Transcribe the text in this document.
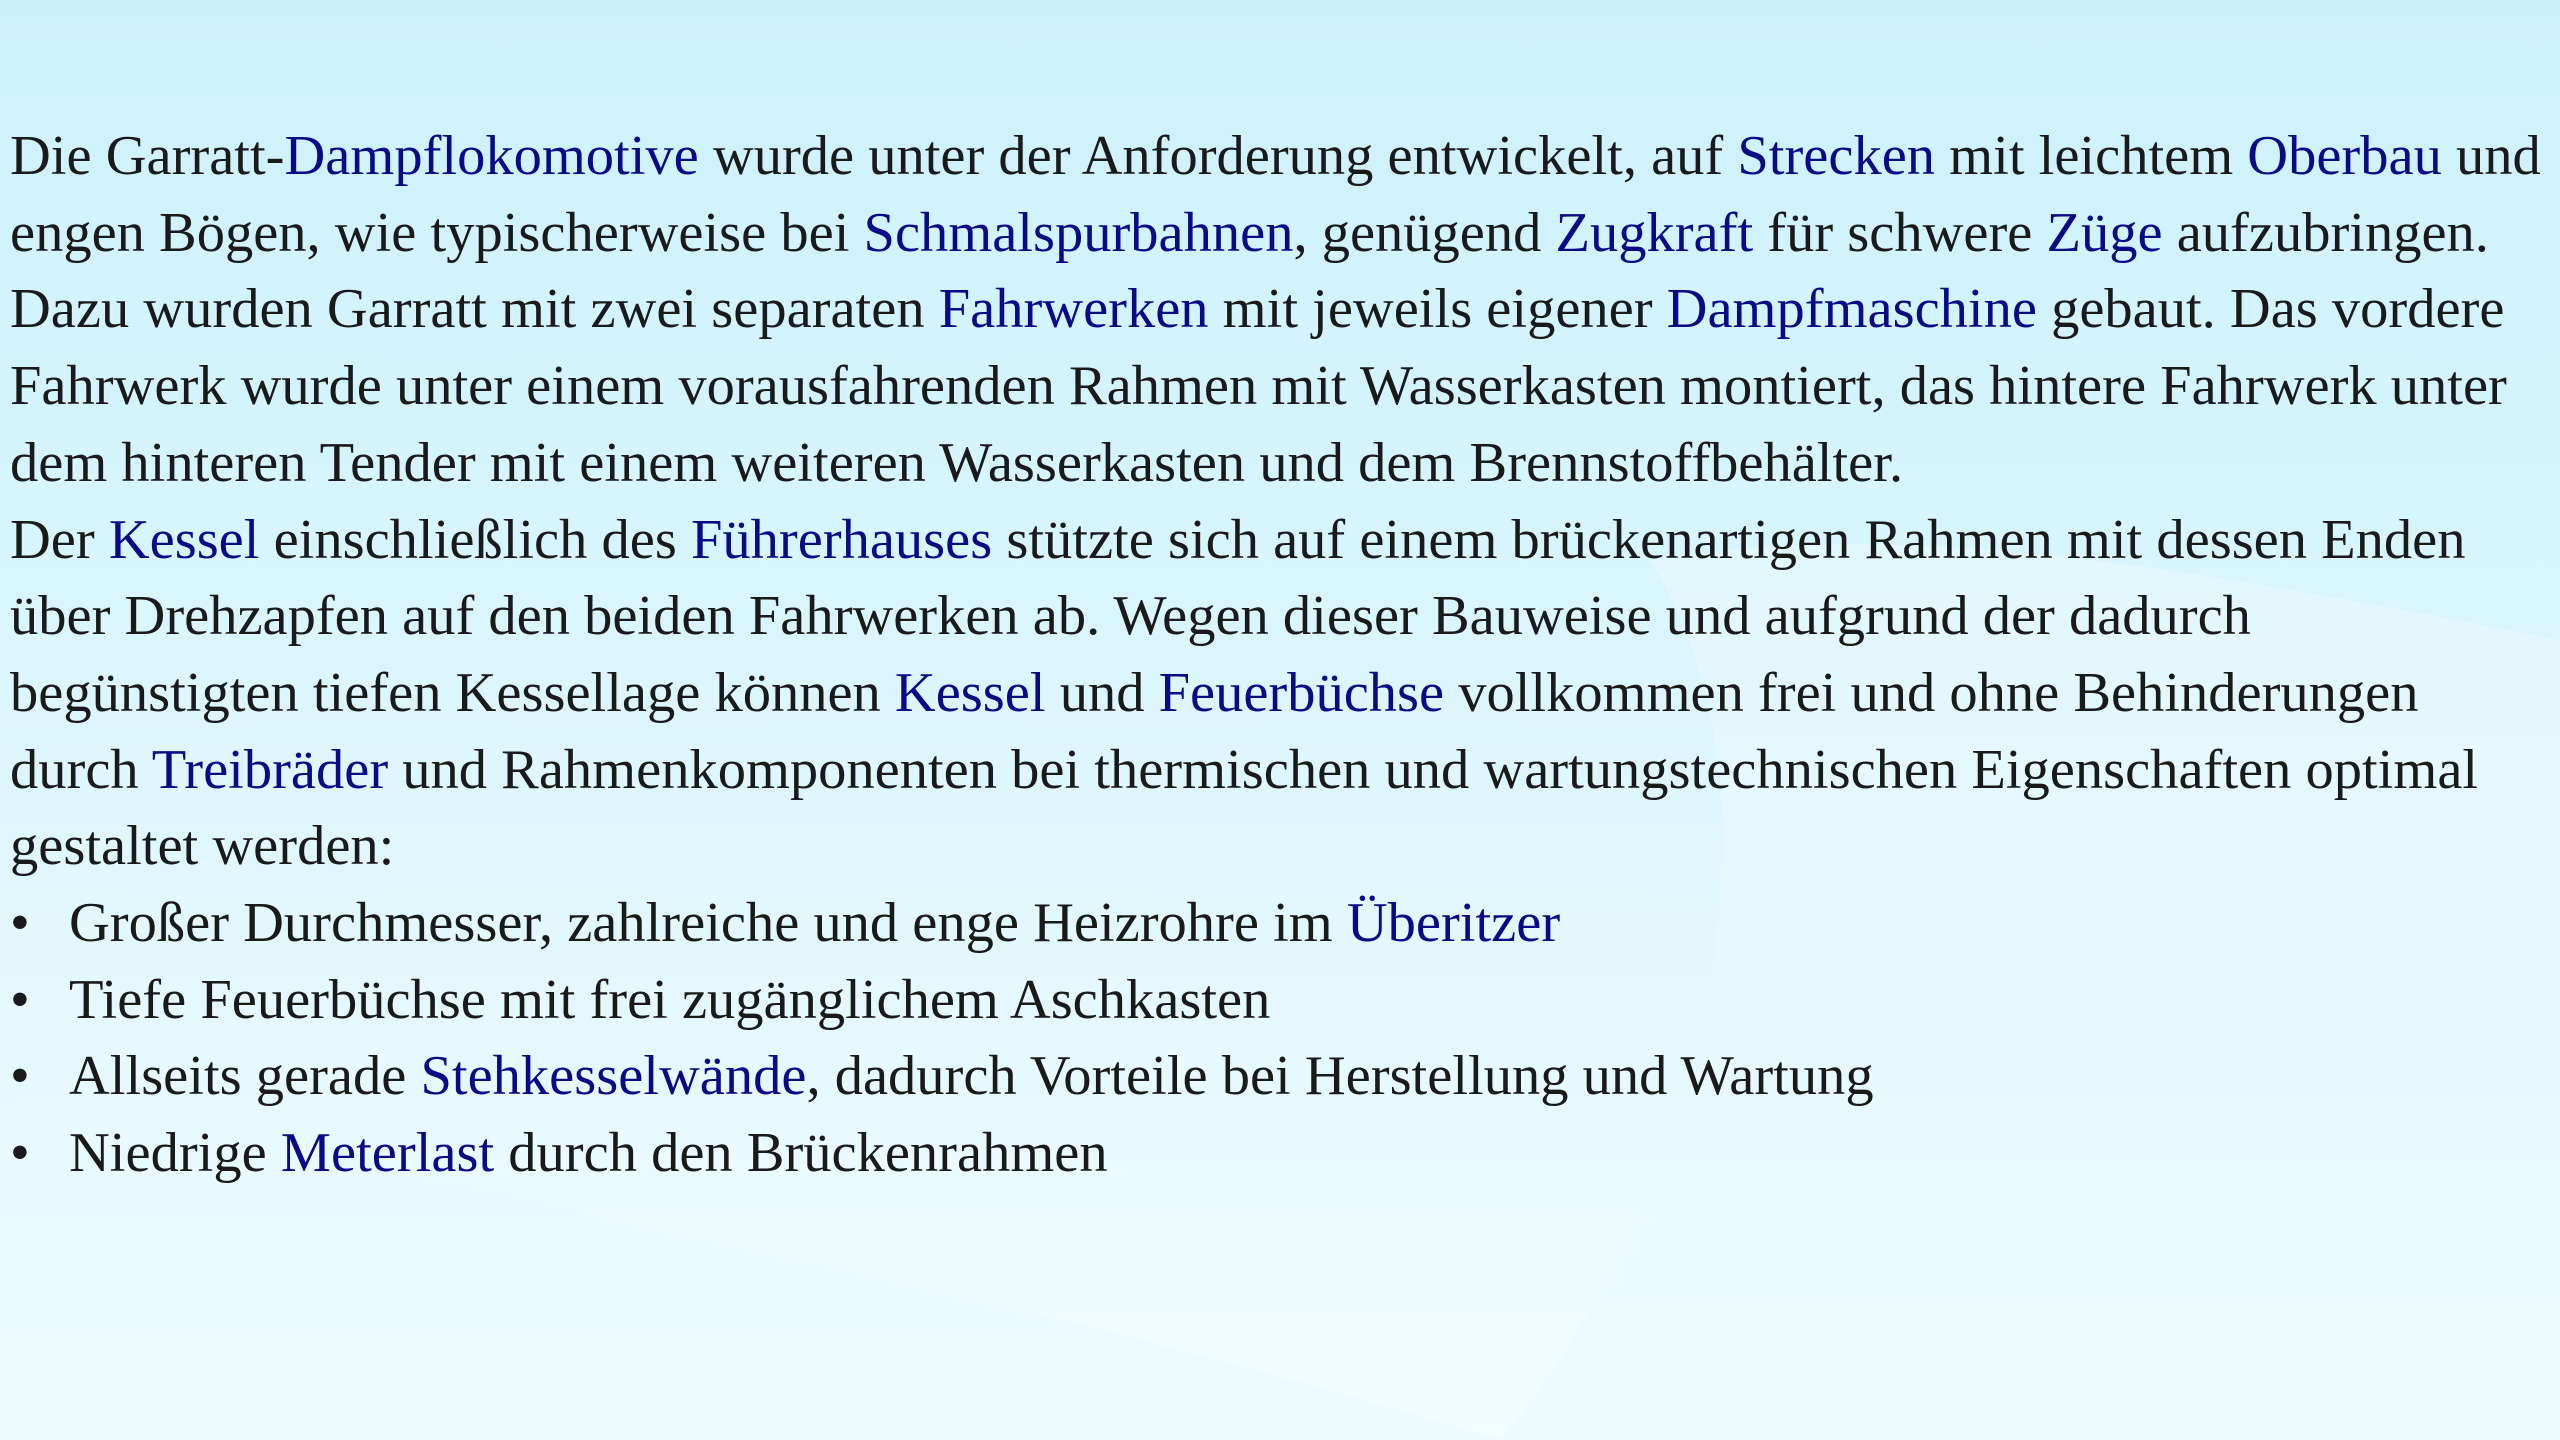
Die Garratt-Dampflokomotive wurde unter der Anforderung entwickelt, auf Strecken mit leichtem Oberbau und engen Bögen, wie typischerweise bei Schmalspurbahnen, genügend Zugkraft für schwere Züge aufzubringen. Dazu wurden Garratt mit zwei separaten Fahrwerken mit jeweils eigener Dampfmaschine gebaut. Das vordere Fahrwerk wurde unter einem vorausfahrenden Rahmen mit Wasserkasten montiert, das hintere Fahrwerk unter dem hinteren Tender mit einem weiteren Wasserkasten und dem Brennstoffbehälter.

Der Kessel einschließlich des Führerhauses stützte sich auf einem brückenartigen Rahmen mit dessen Enden über Drehzapfen auf den beiden Fahrwerken ab. Wegen dieser Bauweise und aufgrund der dadurch begünstigten tiefen Kessellage können Kessel und Feuerbüchse vollkommen frei und ohne Behinderungen durch Treibräder und Rahmenkomponenten bei thermischen und wartungstechnischen Eigenschaften optimal gestaltet werden:

• Großer Durchmesser, zahlreiche und enge Heizrohre im Überitzer
• Tiefe Feuerbüchse mit frei zugänglichem Aschkasten
• Allseits gerade Stehkesselwände, dadurch Vorteile bei Herstellung und Wartung
• Niedrige Meterlast durch den Brückenrahmen
